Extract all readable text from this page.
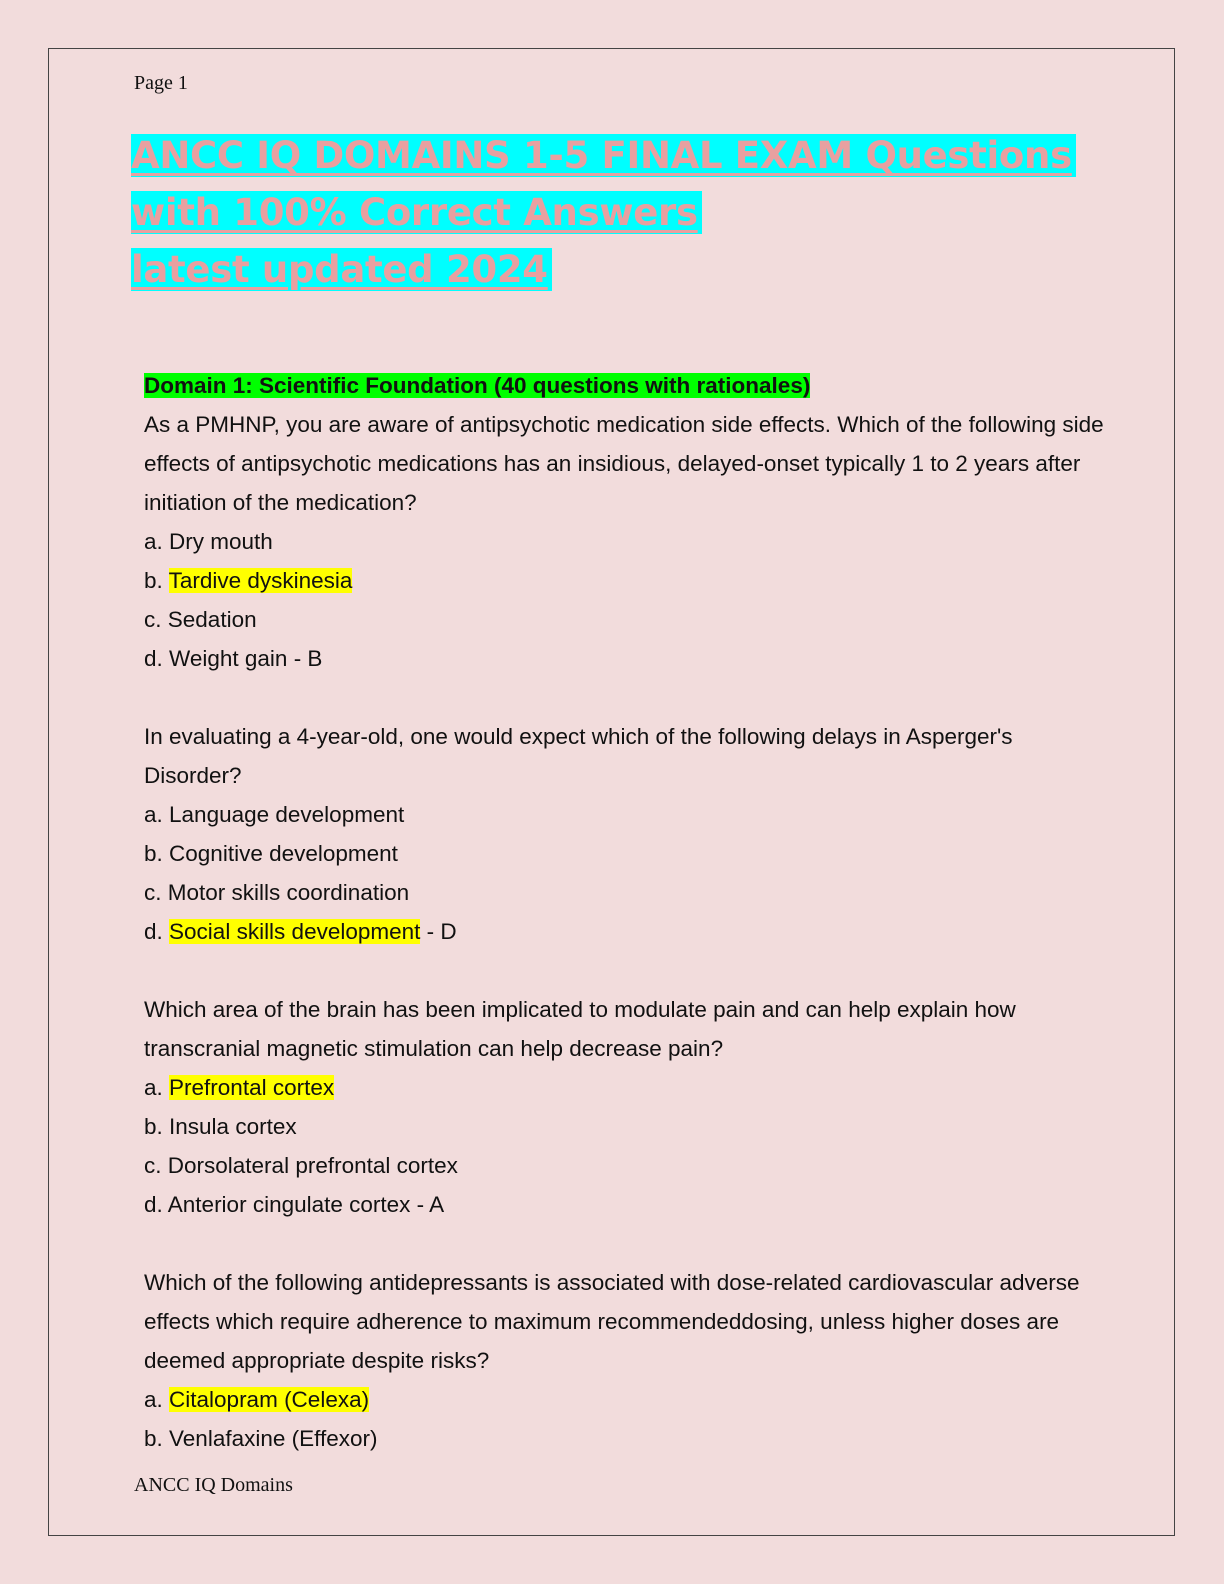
Page 1
ANCC IQ DOMAINS 1-5 FINAL EXAM Questions
with 100% Correct Answers
latest updated 2024

Domain 1: Scientific Foundation (40 questions with rationales)

As a PMHNP, you are aware of antipsychotic medication side effects. Which of the following side effects of antipsychotic medications has an insidious, delayed-onset typically 1 to 2 years after initiation of the medication?

a. Dry mouth

b. Tardive dyskinesia

c. Sedation

d. Weight gain - B

In evaluating a 4-year-old, one would expect which of the following delays in Asperger's Disorder?

a. Language development

b. Cognitive development

c. Motor skills coordination

d. Social skills development - D

Which area of the brain has been implicated to modulate pain and can help explain how transcranial magnetic stimulation can help decrease pain?

a. Prefrontal cortex

b. Insula cortex

c. Dorsolateral prefrontal cortex

d. Anterior cingulate cortex - A

Which of the following antidepressants is associated with dose-related cardiovascular adverse effects which require adherence to maximum recommendeddosing, unless higher doses are deemed appropriate despite risks?

a. Citalopram (Celexa)

b. Venlafaxine (Effexor)

ANCC IQ Domains
